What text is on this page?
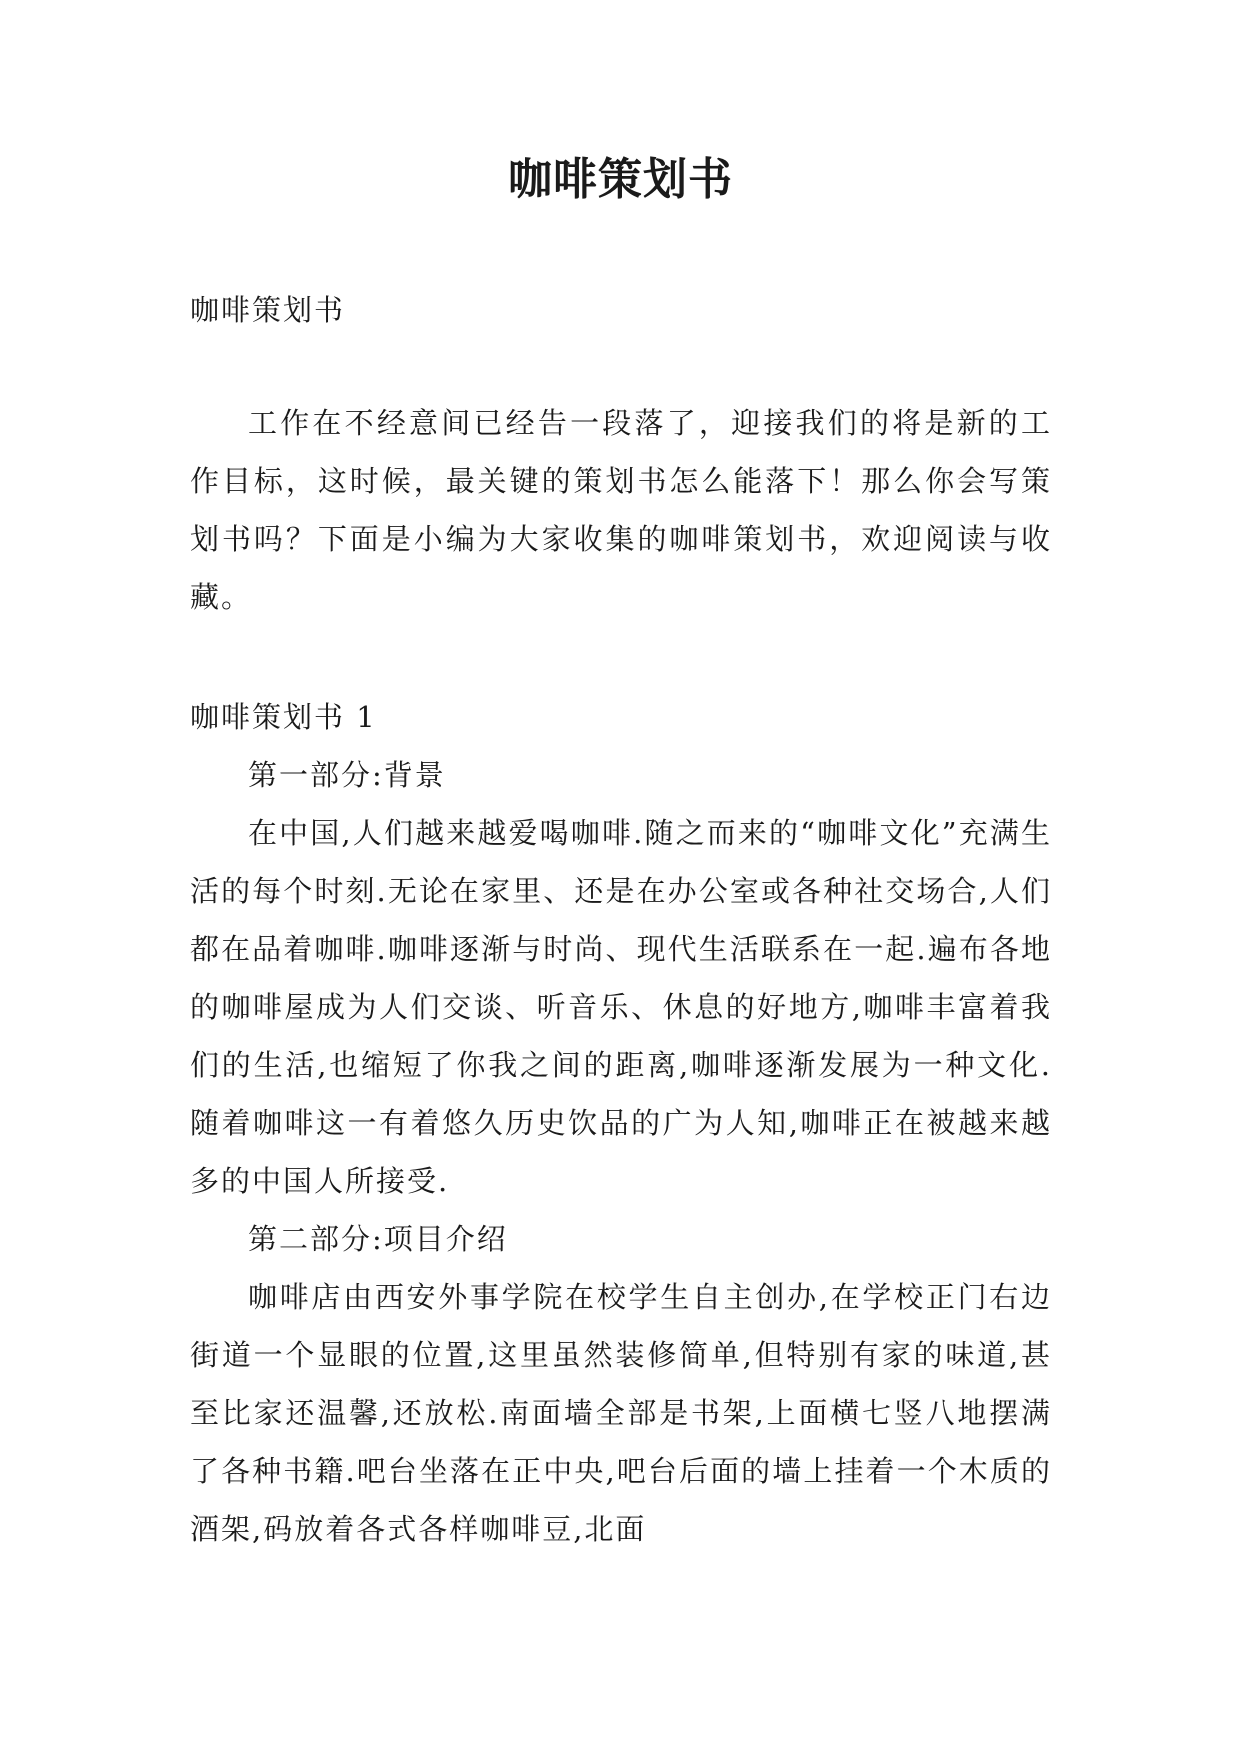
咖啡策划书

咖啡策划书

工作在不经意间已经告一段落了，迎接我们的将是新的工作目标，这时候，最关键的策划书怎么能落下！那么你会写策划书吗？下面是小编为大家收集的咖啡策划书，欢迎阅读与收藏。

咖啡策划书 1

第一部分:背景

在中国,人们越来越爱喝咖啡.随之而来的“咖啡文化”充满生活的每个时刻.无论在家里、还是在办公室或各种社交场合,人们都在品着咖啡.咖啡逐渐与时尚、现代生活联系在一起.遍布各地的咖啡屋成为人们交谈、听音乐、休息的好地方,咖啡丰富着我们的生活,也缩短了你我之间的距离,咖啡逐渐发展为一种文化.随着咖啡这一有着悠久历史饮品的广为人知,咖啡正在被越来越多的中国人所接受.

第二部分:项目介绍

咖啡店由西安外事学院在校学生自主创办,在学校正门右边街道一个显眼的位置,这里虽然装修简单,但特别有家的味道,甚至比家还温馨,还放松.南面墙全部是书架,上面横七竖八地摆满了各种书籍.吧台坐落在正中央,吧台后面的墙上挂着一个木质的酒架,码放着各式各样咖啡豆,北面
